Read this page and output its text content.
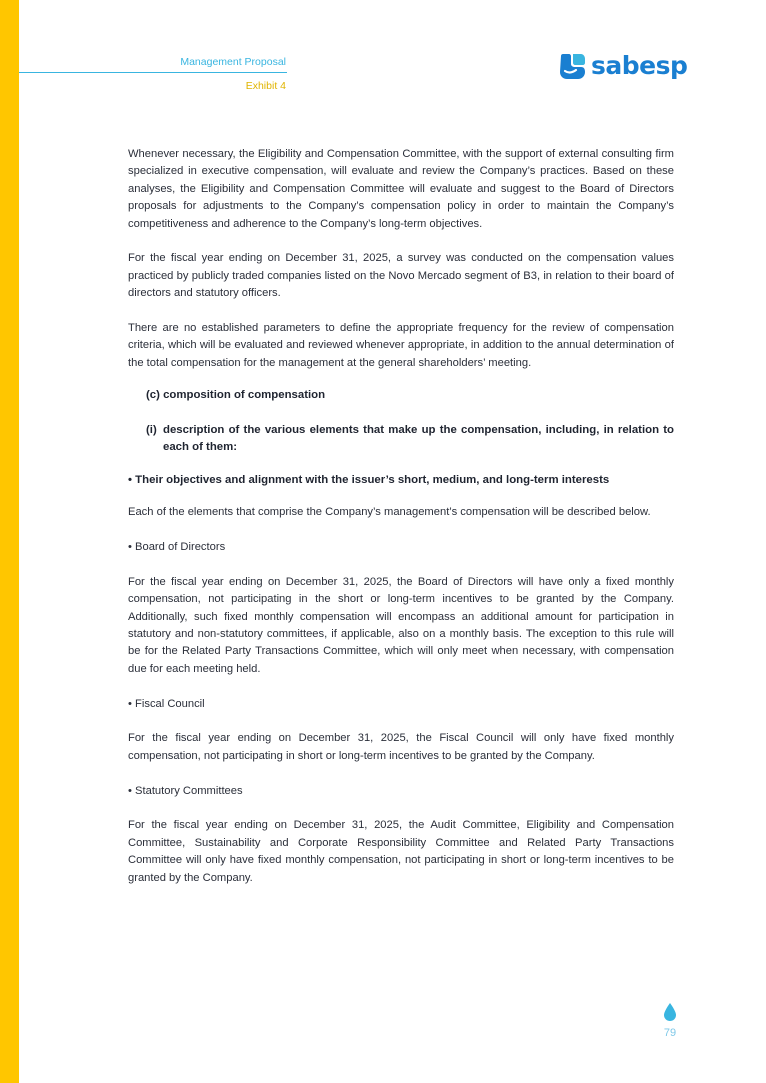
Management Proposal
Exhibit 4
sabesp

Whenever necessary, the Eligibility and Compensation Committee, with the support of external consulting firm specialized in executive compensation, will evaluate and review the Company’s practices. Based on these analyses, the Eligibility and Compensation Committee will evaluate and suggest to the Board of Directors proposals for adjustments to the Company’s compensation policy in order to maintain the Company’s competitiveness and adherence to the Company’s long-term objectives.

For the fiscal year ending on December 31, 2025, a survey was conducted on the compensation values practiced by publicly traded companies listed on the Novo Mercado segment of B3, in relation to their board of directors and statutory officers.

There are no established parameters to define the appropriate frequency for the review of compensation criteria, which will be evaluated and reviewed whenever appropriate, in addition to the annual determination of the total compensation for the management at the general shareholders’ meeting.

(c) composition of compensation

(i) description of the various elements that make up the compensation, including, in relation to each of them:

• Their objectives and alignment with the issuer’s short, medium, and long-term interests

Each of the elements that comprise the Company’s management’s compensation will be described below.

• Board of Directors

For the fiscal year ending on December 31, 2025, the Board of Directors will have only a fixed monthly compensation, not participating in the short or long-term incentives to be granted by the Company. Additionally, such fixed monthly compensation will encompass an additional amount for participation in statutory and non-statutory committees, if applicable, also on a monthly basis. The exception to this rule will be for the Related Party Transactions Committee, which will only meet when necessary, with compensation due for each meeting held.

• Fiscal Council

For the fiscal year ending on December 31, 2025, the Fiscal Council will only have fixed monthly compensation, not participating in short or long-term incentives to be granted by the Company.

• Statutory Committees

For the fiscal year ending on December 31, 2025, the Audit Committee, Eligibility and Compensation Committee, Sustainability and Corporate Responsibility Committee and Related Party Transactions Committee will only have fixed monthly compensation, not participating in short or long-term incentives to be granted by the Company.

79
